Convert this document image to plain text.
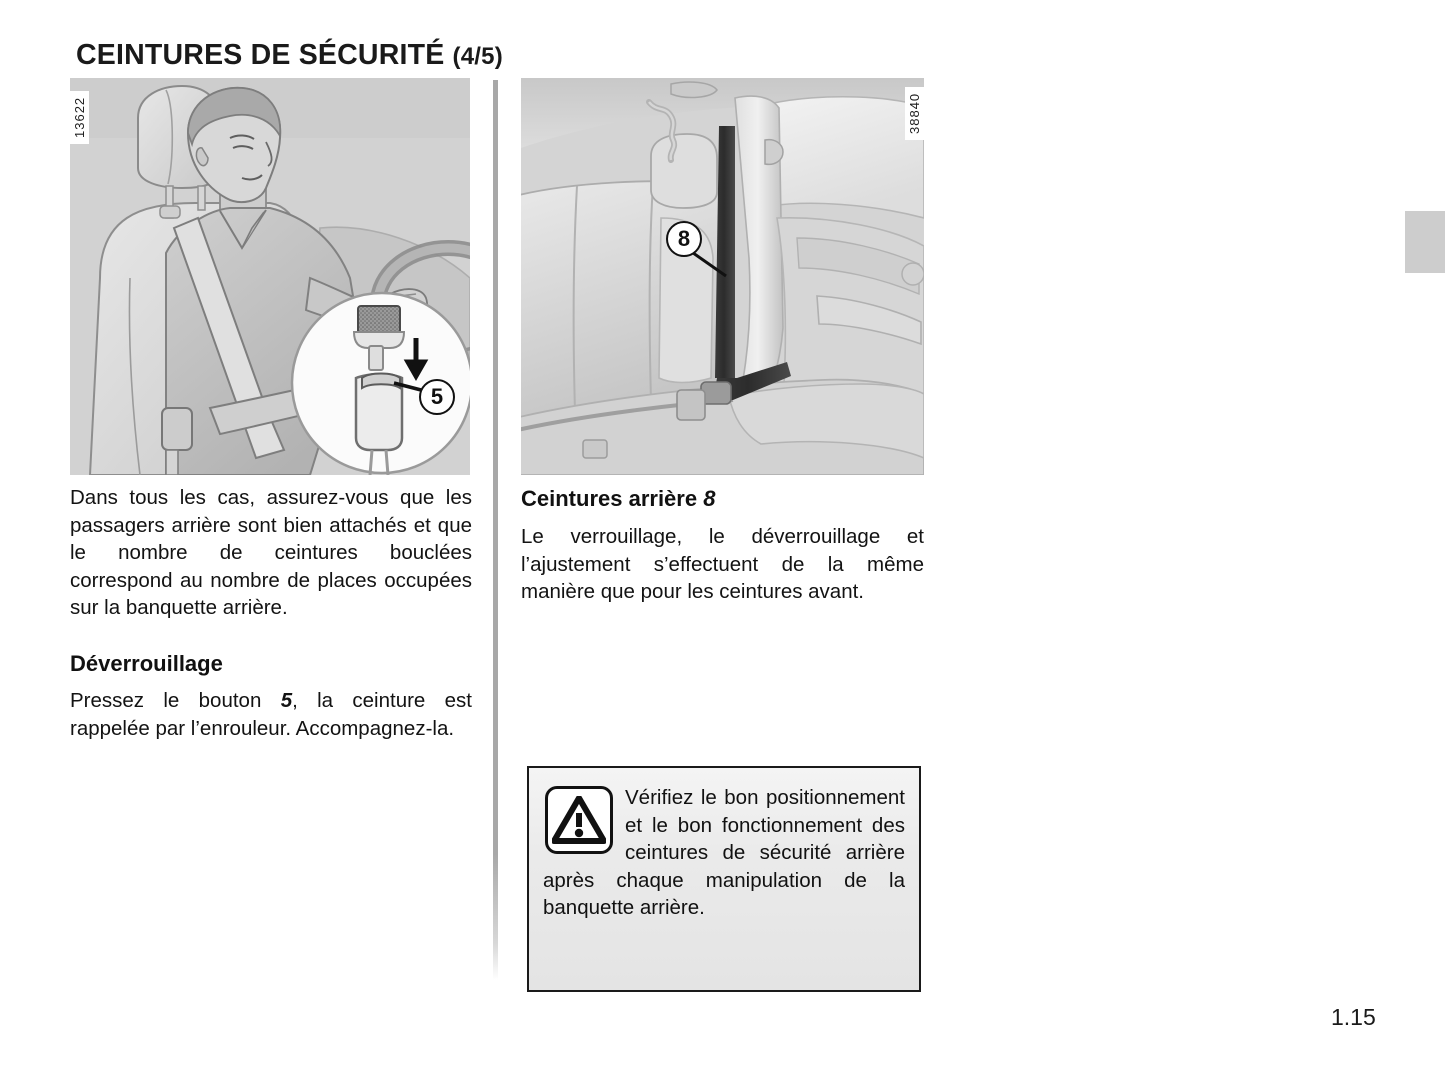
CEINTURES DE SÉCURITÉ (4/5)
13622
5
38840
8

Dans tous les cas, assurez-vous que les passagers arrière sont bien attachés et que le nombre de ceintures bouclées correspond au nombre de places occupées sur la banquette arrière.

Déverrouillage

Pressez le bouton 5, la ceinture est rappelée par l’enrouleur. Accompagnez-la.

Ceintures arrière 8

Le verrouillage, le déverrouillage et l’ajustement s’effectuent de la même manière que pour les ceintures avant.

Vérifiez le bon positionnement et le bon fonctionnement des ceintures de sécurité arrière après chaque manipulation de la banquette arrière.

1.15
